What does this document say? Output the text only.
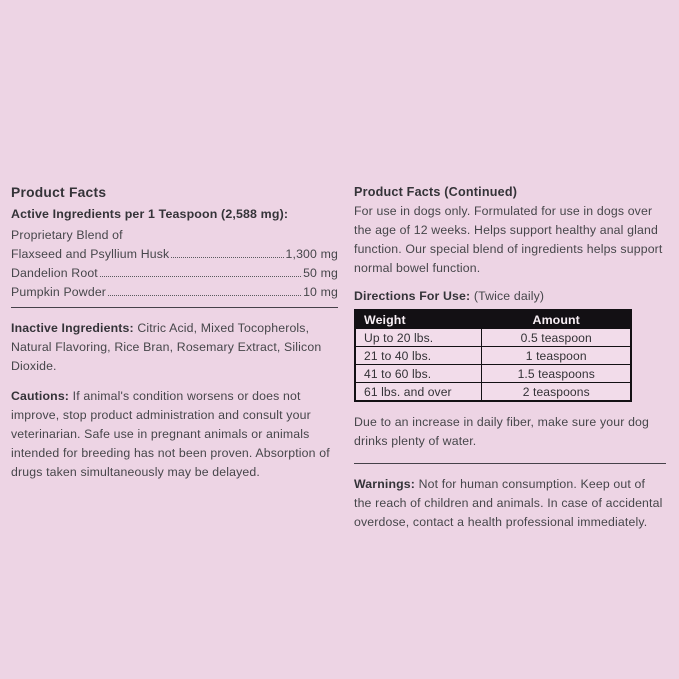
Product Facts
Active Ingredients per 1 Teaspoon (2,588 mg):
Proprietary Blend of
Flaxseed and Psyllium Husk	1,300 mg
Dandelion Root	50 mg
Pumpkin Powder	10 mg

Inactive Ingredients: Citric Acid, Mixed Tocopherols, Natural Flavoring, Rice Bran, Rosemary Extract, Silicon Dioxide.

Cautions: If animal's condition worsens or does not improve, stop product administration and consult your veterinarian. Safe use in pregnant animals or animals intended for breeding has not been proven. Absorption of drugs taken simultaneously may be delayed.

Product Facts (Continued)

For use in dogs only. Formulated for use in dogs over the age of 12 weeks. Helps support healthy anal gland function. Our special blend of ingredients helps support normal bowel function.

Directions For Use: (Twice daily)

Weight	Amount
Up to 20 lbs.	0.5 teaspoon
21 to 40 lbs.	1 teaspoon
41 to 60 lbs.	1.5 teaspoons
61 lbs. and over	2 teaspoons

Due to an increase in daily fiber, make sure your dog drinks plenty of water.

Warnings: Not for human consumption. Keep out of the reach of children and animals. In case of accidental overdose, contact a health professional immediately.
